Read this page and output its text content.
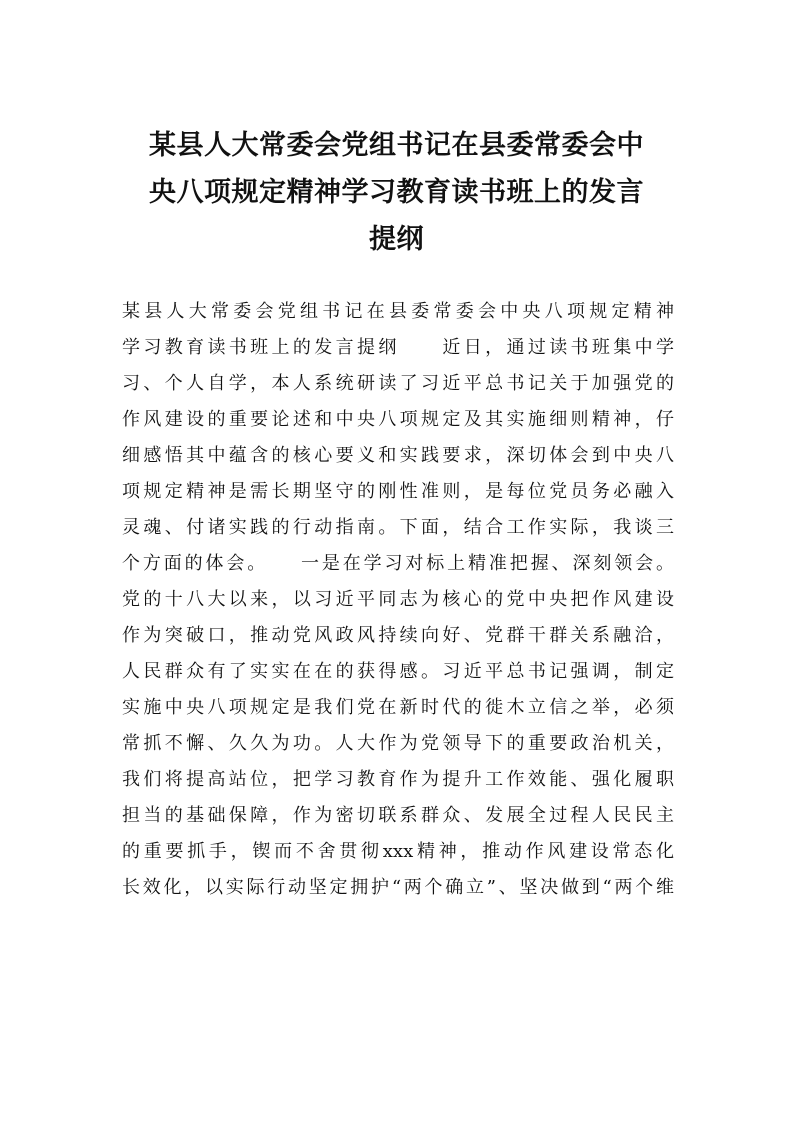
某县人大常委会党组书记在县委常委会中
央八项规定精神学习教育读书班上的发言
提纲
某县人大常委会党组书记在县委常委会中央八项规定精神
学习教育读书班上的发言提纲　　近日，通过读书班集中学
习、个人自学，本人系统研读了习近平总书记关于加强党的
作风建设的重要论述和中央八项规定及其实施细则精神，仔
细感悟其中蕴含的核心要义和实践要求，深切体会到中央八
项规定精神是需长期坚守的刚性准则，是每位党员务必融入
灵魂、付诸实践的行动指南。下面，结合工作实际，我谈三
个方面的体会。　　一是在学习对标上精准把握、深刻领会。
党的十八大以来，以习近平同志为核心的党中央把作风建设
作为突破口，推动党风政风持续向好、党群干群关系融洽，
人民群众有了实实在在的获得感。习近平总书记强调，制定
实施中央八项规定是我们党在新时代的徙木立信之举，必须
常抓不懈、久久为功。人大作为党领导下的重要政治机关，
我们将提高站位，把学习教育作为提升工作效能、强化履职
担当的基础保障，作为密切联系群众、发展全过程人民民主
的重要抓手，锲而不舍贯彻xxx精神，推动作风建设常态化
长效化，以实际行动坚定拥护“两个确立”、坚决做到“两个维
